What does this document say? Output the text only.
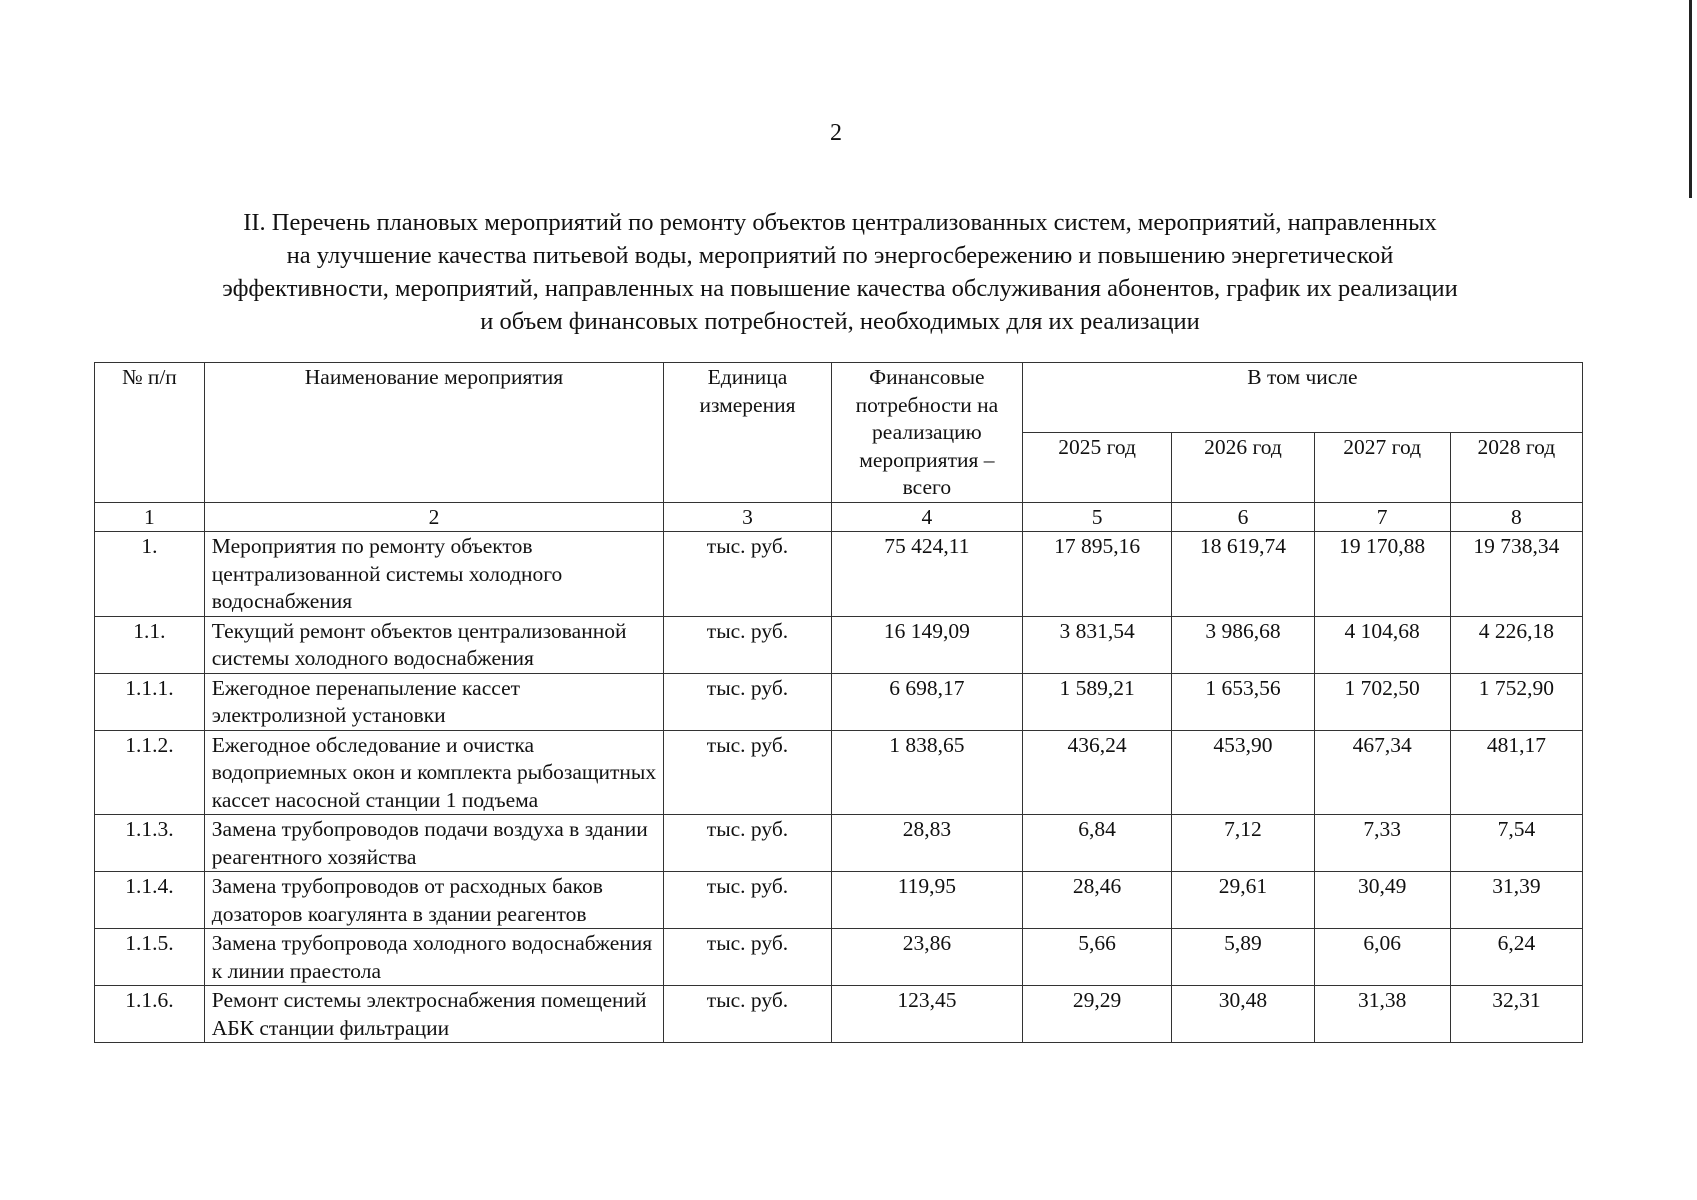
2
II. Перечень плановых мероприятий по ремонту объектов централизованных систем, мероприятий, направленных
на улучшение качества питьевой воды, мероприятий по энергосбережению и повышению энергетической
эффективности, мероприятий, направленных на повышение качества обслуживания абонентов, график их реализации
и объем финансовых потребностей, необходимых для их реализации
№ п/п	Наименование мероприятия	Единица измерения	Финансовые потребности на реализацию мероприятия – всего	В том числе			
				2025 год	2026 год	2027 год	2028 год
1	2	3	4	5	6	7	8
1.	Мероприятия по ремонту объектов централизованной системы холодного водоснабжения	тыс. руб.	75 424,11	17 895,16	18 619,74	19 170,88	19 738,34
1.1.	Текущий ремонт объектов централизованной системы холодного водоснабжения	тыс. руб.	16 149,09	3 831,54	3 986,68	4 104,68	4 226,18
1.1.1.	Ежегодное перенапыление кассет электролизной установки	тыс. руб.	6 698,17	1 589,21	1 653,56	1 702,50	1 752,90
1.1.2.	Ежегодное обследование и очистка водоприемных окон и комплекта рыбозащитных кассет насосной станции 1 подъема	тыс. руб.	1 838,65	436,24	453,90	467,34	481,17
1.1.3.	Замена трубопроводов подачи воздуха в здании реагентного хозяйства	тыс. руб.	28,83	6,84	7,12	7,33	7,54
1.1.4.	Замена трубопроводов от расходных баков дозаторов коагулянта в здании реагентов	тыс. руб.	119,95	28,46	29,61	30,49	31,39
1.1.5.	Замена трубопровода холодного водоснабжения к линии праестола	тыс. руб.	23,86	5,66	5,89	6,06	6,24
1.1.6.	Ремонт системы электроснабжения помещений АБК станции фильтрации	тыс. руб.	123,45	29,29	30,48	31,38	32,31
